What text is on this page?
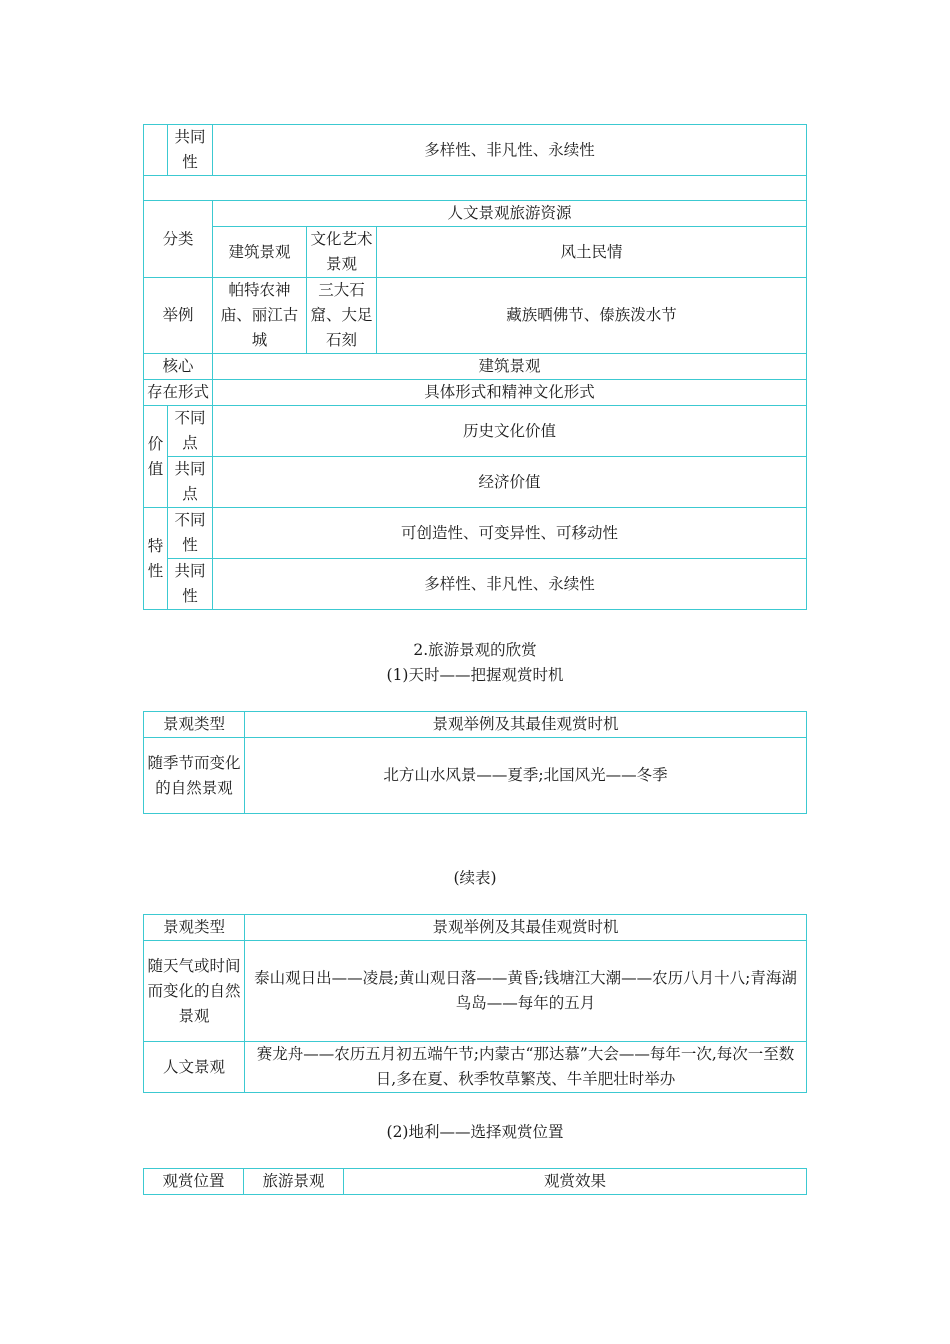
	共同性	多样性、非凡性、永续性		

分类		人文景观旅游资源		
		建筑景观	文化艺术景观	风土民情
举例		帕特农神庙、丽江古城	三大石窟、大足石刻	藏族晒佛节、傣族泼水节
核心		建筑景观		
存在形式		具体形式和精神文化形式		
价值	不同点	历史文化价值		
	共同点	经济价值		
特性	不同性	可创造性、可变异性、可移动性		
	共同性	多样性、非凡性、永续性		
2.旅游景观的欣赏
(1)天时——把握观赏时机
景观类型	景观举例及其最佳观赏时机
随季节而变化的自然景观	北方山水风景——夏季;北国风光——冬季
(续表)
景观类型	景观举例及其最佳观赏时机
随天气或时间而变化的自然景观	泰山观日出——凌晨;黄山观日落——黄昏;钱塘江大潮——农历八月十八;青海湖鸟岛——每年的五月
人文景观	赛龙舟——农历五月初五端午节;内蒙古“那达慕”大会——每年一次,每次一至数日,多在夏、秋季牧草繁茂、牛羊肥壮时举办
(2)地利——选择观赏位置
观赏位置	旅游景观	观赏效果
